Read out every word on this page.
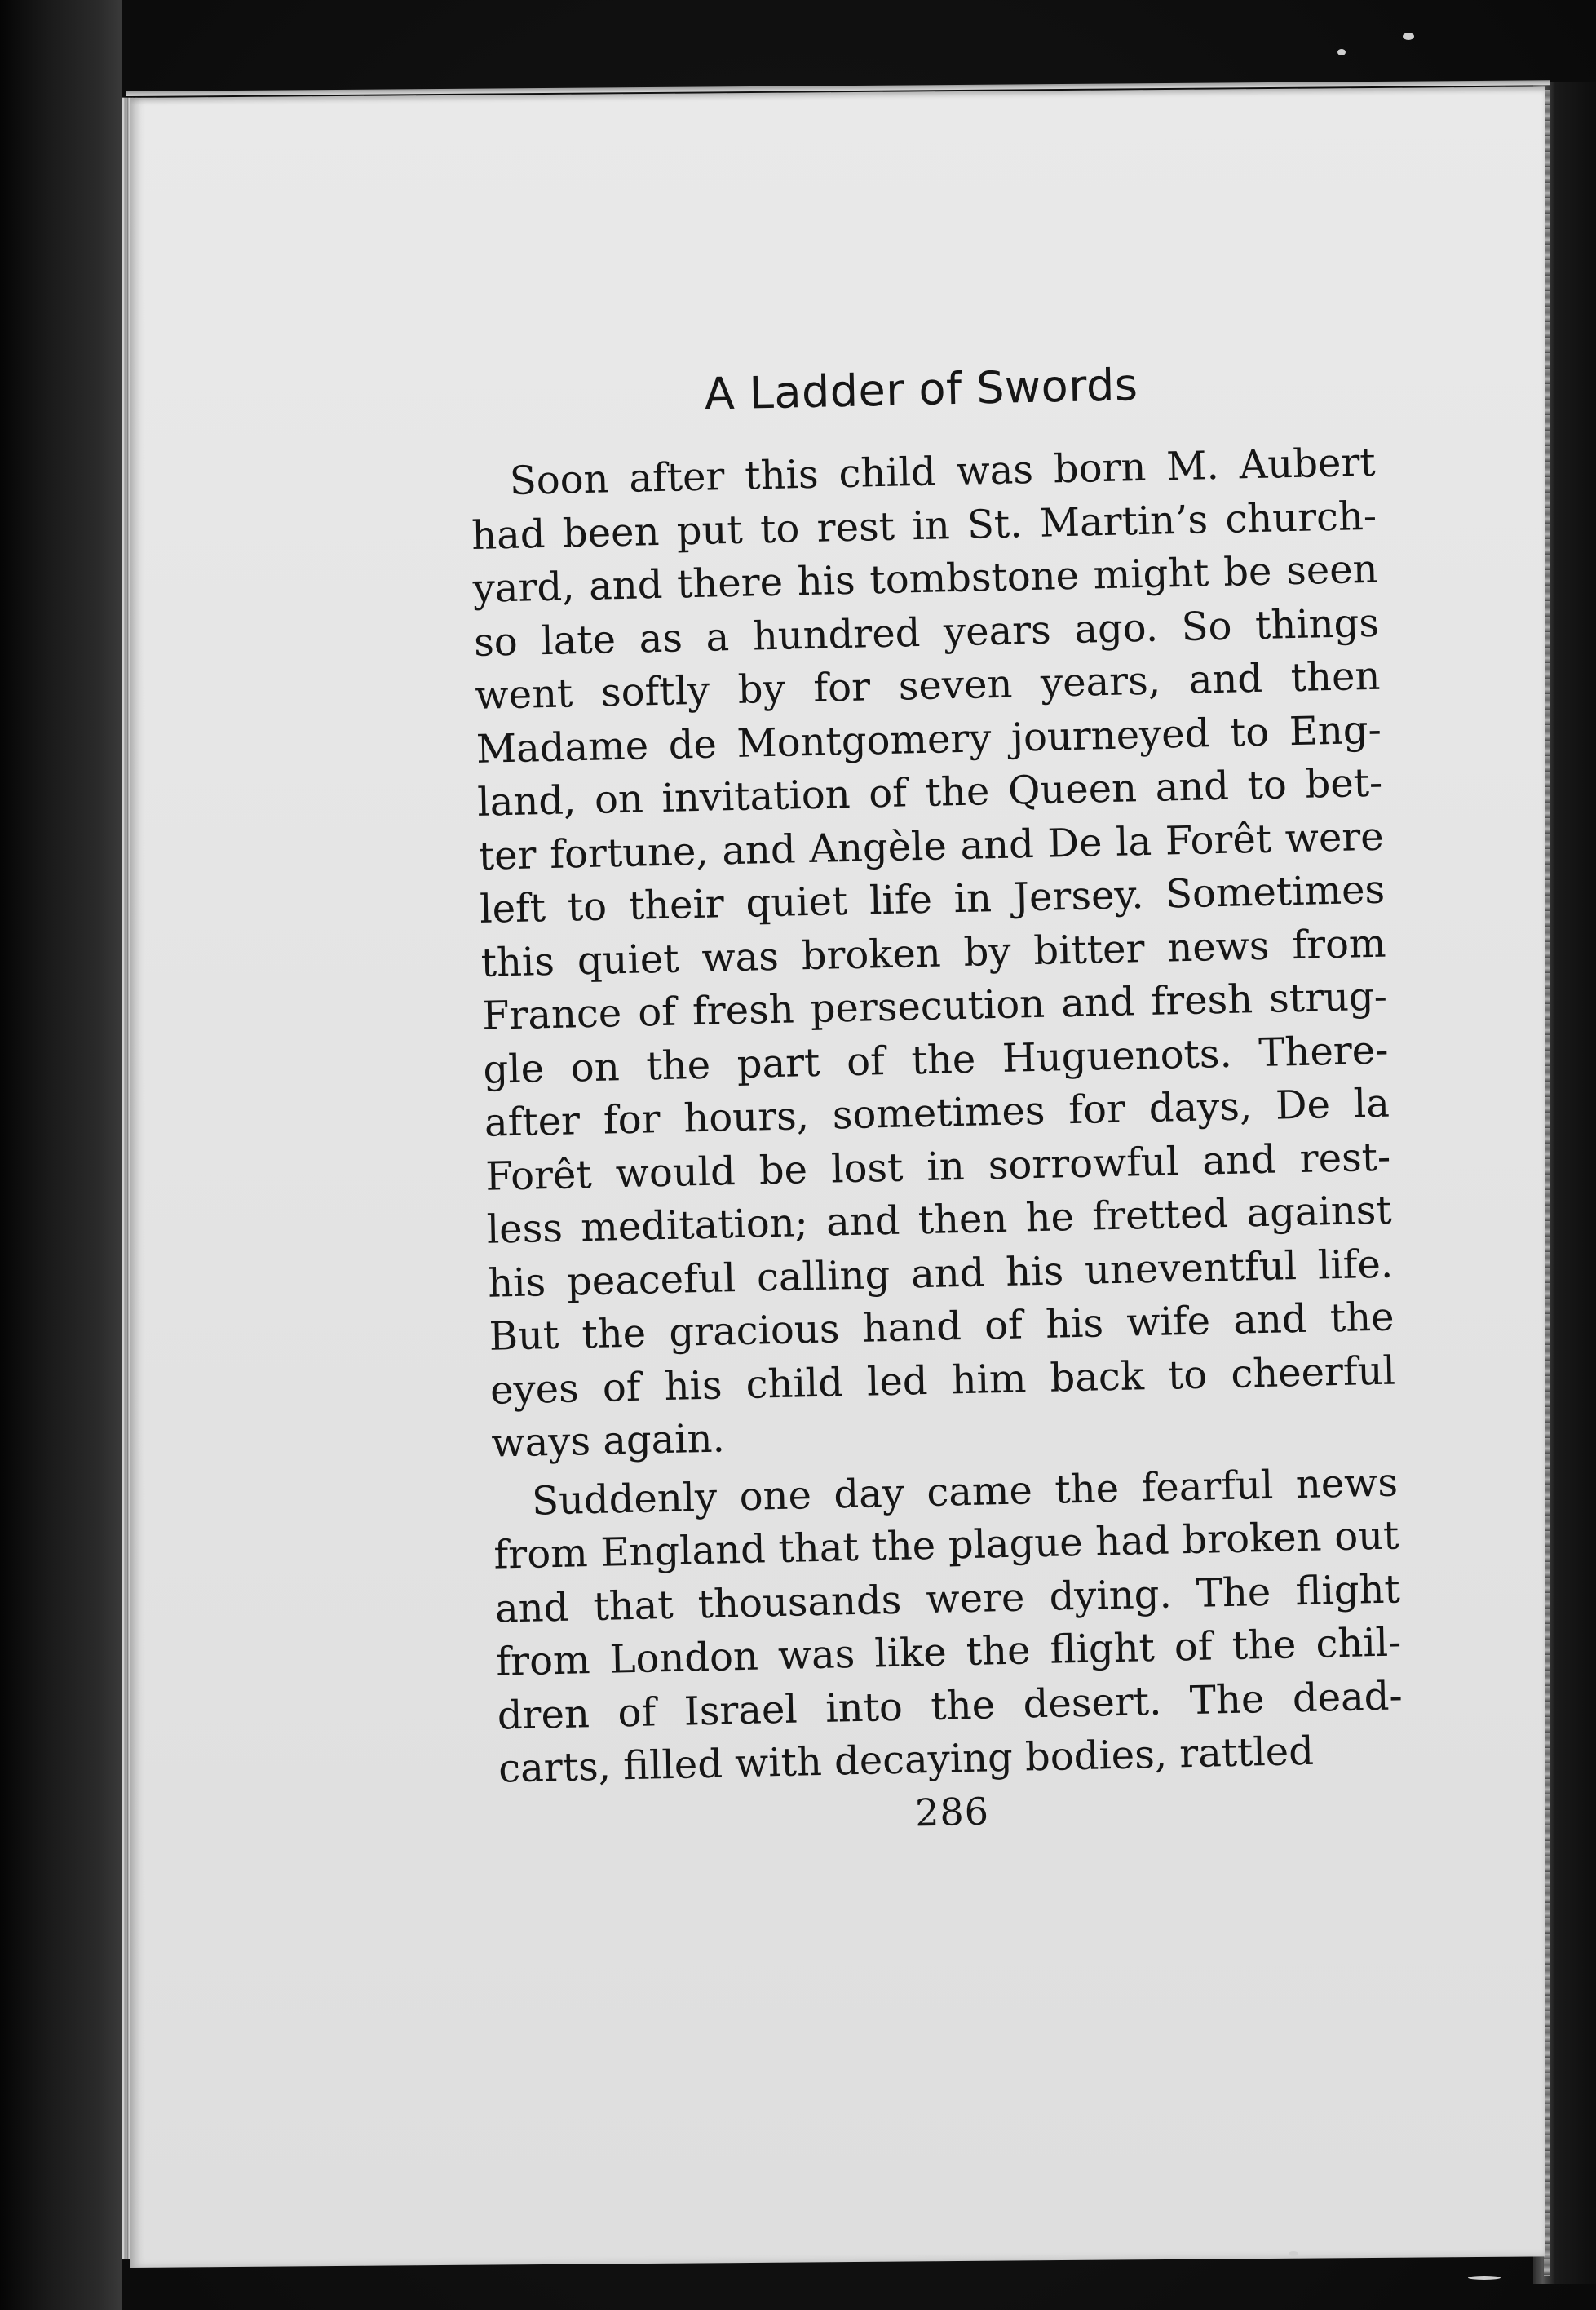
A Ladder of Swords
Soon after this child was born M. Aubert
had been put to rest in St. Martin’s church-
yard, and there his tombstone might be seen
so late as a hundred years ago. So things
went softly by for seven years, and then
Madame de Montgomery journeyed to Eng-
land, on invitation of the Queen and to bet-
ter fortune, and Angèle and De la Forêt were
left to their quiet life in Jersey. Sometimes
this quiet was broken by bitter news from
France of fresh persecution and fresh strug-
gle on the part of the Huguenots. There-
after for hours, sometimes for days, De la
Forêt would be lost in sorrowful and rest-
less meditation; and then he fretted against
his peaceful calling and his uneventful life.
But the gracious hand of his wife and the
eyes of his child led him back to cheerful
ways again.
Suddenly one day came the fearful news
from England that the plague had broken out
and that thousands were dying. The flight
from London was like the flight of the chil-
dren of Israel into the desert. The dead-
carts, filled with decaying bodies, rattled
286
